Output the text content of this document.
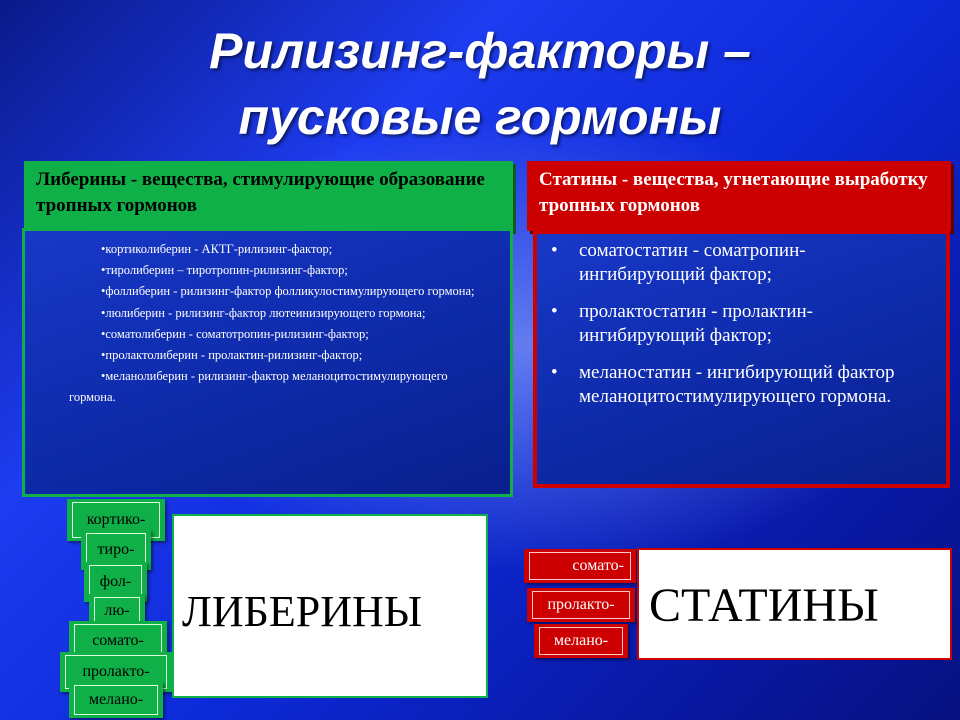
Рилизинг-факторы –
пусковые гормоны
Либерины - вещества, стимулирующие образование тропных гормонов
•кортиколиберин - АКТГ-рилизинг-фактор;
•тиролиберин – тиротропин-рилизинг-фактор;
•фоллиберин - рилизинг-фактор фолликулостимулирующего гормона;
•люлиберин - рилизинг-фактор лютеинизирующего гормона;
•соматолиберин - соматотропин-рилизинг-фактор;
•пролактолиберин - пролактин-рилизинг-фактор;
•меланолиберин - рилизинг-фактор меланоцитостимулирующего гормона.
Статины - вещества, угнетающие выработку тропных гормонов
• соматостатин - соматропин-ингибирующий фактор;
• пролактостатин - пролактин-ингибирующий фактор;
• меланостатин - ингибирующий фактор меланоцитостимулирующего гормона.
кортико-
тиро-
фол-
лю-
сомато-
пролакто-
мелано-
ЛИБЕРИНЫ
сомато-
пролакто-
мелано-
СТАТИНЫ
